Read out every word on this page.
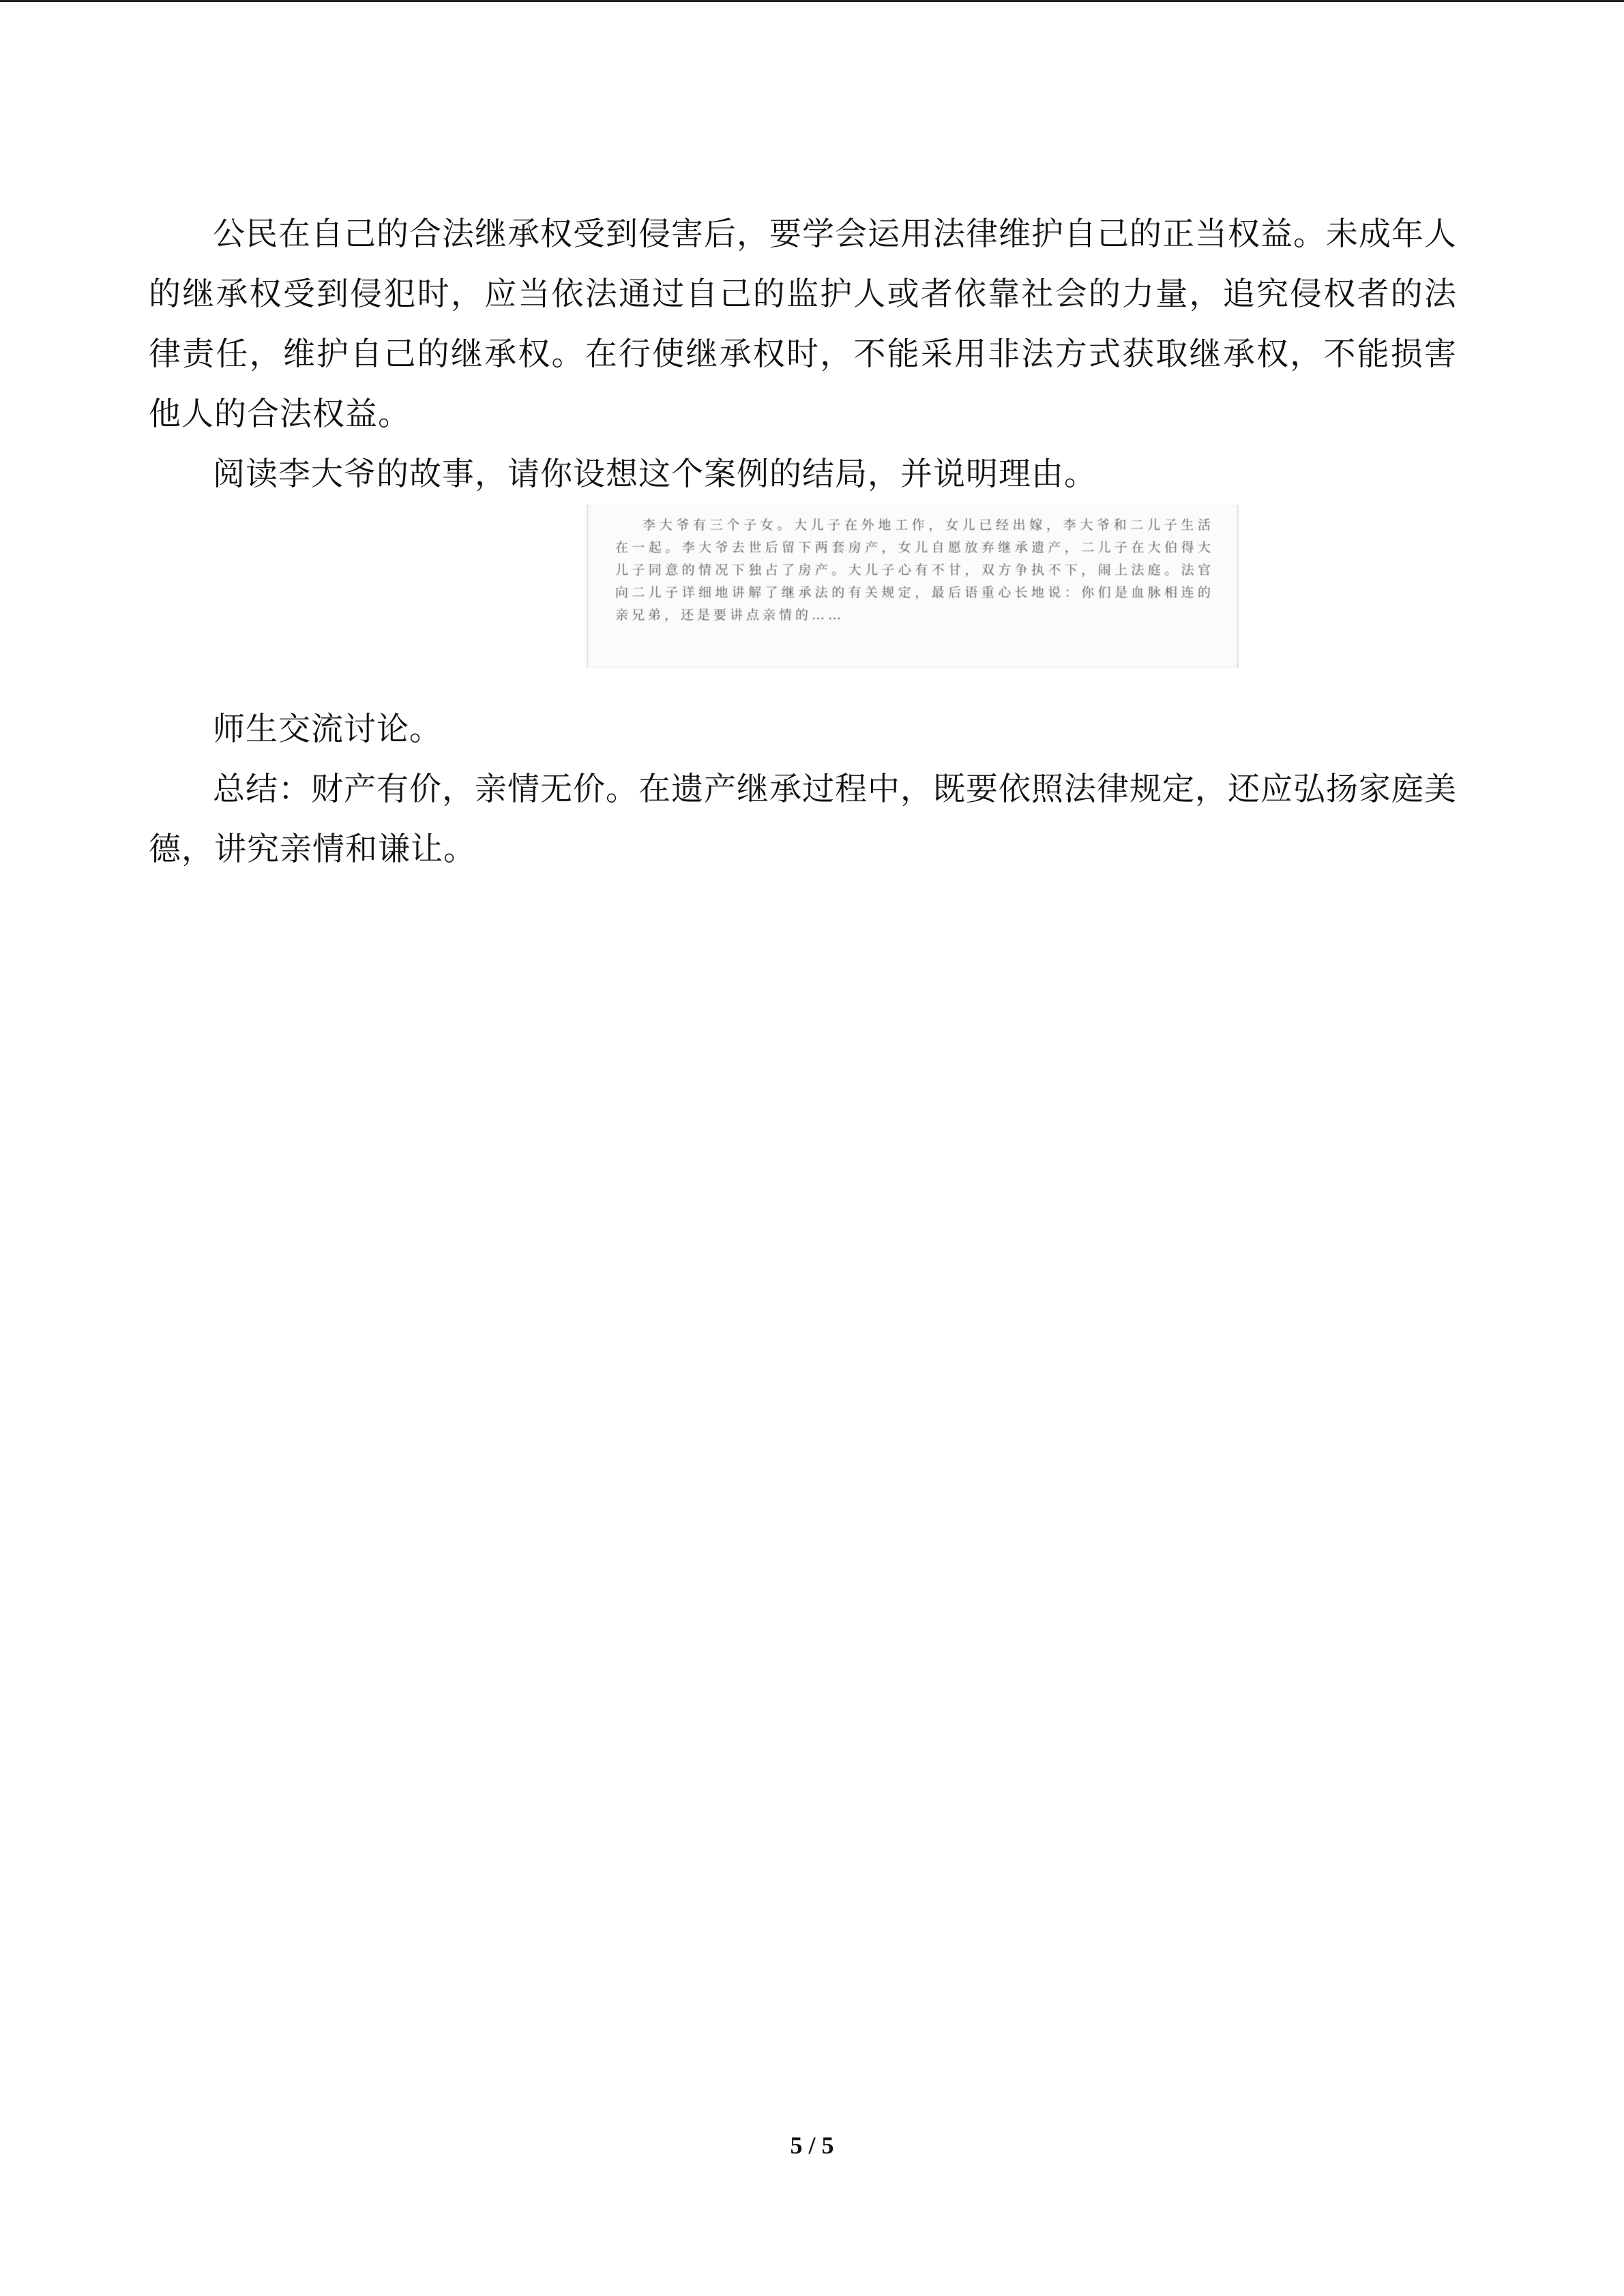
公民在自己的合法继承权受到侵害后，要学会运用法律维护自己的正当权益。未成年人的继承权受到侵犯时，应当依法通过自己的监护人或者依靠社会的力量，追究侵权者的法律责任，维护自己的继承权。在行使继承权时，不能采用非法方式获取继承权，不能损害他人的合法权益。

阅读李大爷的故事，请你设想这个案例的结局，并说明理由。

李大爷有三个子女。大儿子在外地工作，女儿已经出嫁，李大爷和二儿子生活在一起。李大爷去世后留下两套房产，女儿自愿放弃继承遗产，二儿子在大伯得大儿子同意的情况下独占了房产。大儿子心有不甘，双方争执不下，闹上法庭。法官向二儿子详细地讲解了继承法的有关规定，最后语重心长地说：你们是血脉相连的亲兄弟，还是要讲点亲情的……

师生交流讨论。

总结：财产有价，亲情无价。在遗产继承过程中，既要依照法律规定，还应弘扬家庭美德，讲究亲情和谦让。

5 / 5
